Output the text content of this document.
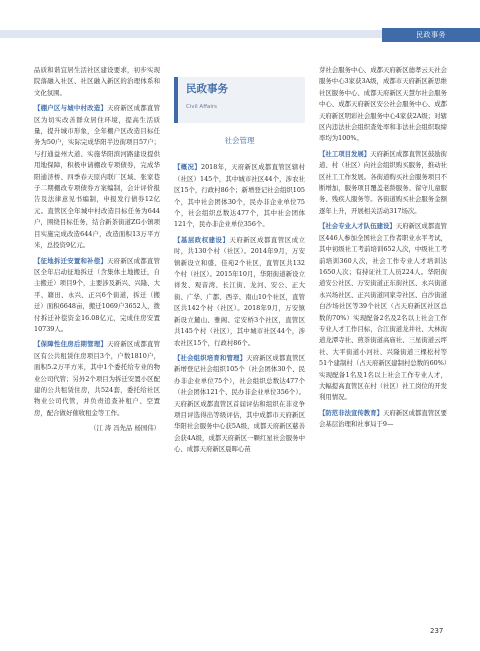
民政事务

品质和谐宜居生活社区建设要求，初步实现院落融入社区、社区融入新区的治理体系和文化氛围。

【棚户区与城中村改造】天府新区成都直管区为切实改善群众居住环境，提高生活质量，提升城市形象，全年棚户区改造目标任务为50户，实际完成华阳半边街项目57户；与打通益州大道、实施华阳滨河路建设提供用地保障，积极申请棚改专项债券，完成华阳通济桥、四季春天原内联厂区域、张家巷子二期棚改专项债券方案编制，会计评价报告及法律意见书编制，申报发行债券12亿元。直管区全年城中村改造目标任务为644户，围绕目标任务，结合新茶街道ZG小镇项目实施完成改造644户，改造面积13万平方米，总投资9亿元。

【征地拆迁安置和补偿】天府新区成都直管区全年启动征地拆迁（含集体土地搬迁，自主搬迁）项目9个，主要涉及新兴、兴隆、大平、籍田、永兴、正兴6个街道，拆迁（搬迁）面积6648亩，搬迁1069户3652人，拨付拆迁补偿资金16.08亿元，完成住房安置10739人。

【保障性住房后期管理】天府新区成都直管区有公共租赁住房项目3个，户数1810户，面积5.2万平方米，其中1个委托给专业的物业公司代管；另外2个项目为拆迁安置小区配建的公共租赁住房，共524套，委托给社区物业公司代管，并负责追查补租户、空置房，配合做好催收租金等工作。

（江 涛 冯先品 杨国伟）

民政事务
Civil Affairs
社会管理

【概况】2018年，天府新区成都直管区辖村（社区）145个，其中城市社区44个，涉农社区15个，行政村86个；新增登记社会组织105个，其中社会团体30个，民办非企业单位75个，社会组织总数达477个，其中社会团体121个，民办非企业单位356个。

【基层政权建设】天府新区成都直管区成立时，共130个村（社区）。2014年9月，万安镇新设立和盛、佳苑2个社区，直管区共132个村（社区）。2015年10月，华阳街道新设立祥发、观音湾、长江街、龙河、安公、正大街、广华、广都、西辛、南山10个社区，直管区共142个村（社区）。2018年9月，万安镇新设立麓山、雅阁、定安桥3个社区，直管区共145个村（社区），其中城市社区44个，涉农社区15个，行政村86个。

【社会组织培育和管理】天府新区成都直管区新增登记社会组织105个（社会团体30个、民办非企业单位75个），社会组织总数达477个（社会团体121个、民办非企业单位356个）。天府新区成都直管区首届评估和组织在非竞争项目评选得出等级评估，其中成都市天府新区华阳社会服务中心获5A级，成都天府新区慈善会获4A级，成都天府新区一颗红星社会服务中心、成都天府新区晨晖心苗

芽社会服务中心、成都天府新区德孝云天社会服务中心3家获3A级，成都市天府新区新思维社区服务中心、成都天府新区天慧尔社会服务中心、成都天府新区安公社会服务中心、成都天府新区明彩社会服务中心4家获2A级；对辖区内违法社会组织查处率和非法社会组织取缔率均为100%。

【社工项目发展】天府新区成都直管区鼓励街道、村（社区）向社会组织购买服务，推动社区社工工作发展。各街道购买社会服务项目不断增加，服务项目覆盖老龄服务、留守儿童服务、残疾人服务等。各街道购买社会服务金额逐年上升，开展相关活动317场次。

【社会专业人才队伍建设】天府新区成都直管区446人参加全国社会工作者职业水平考试，其中初级社工考前培训652人次，中级社工考前培训360人次，社会工作专业人才培训达1650人次；有持证社工人员224人。华阳街道安公社区、万安街道正东街社区、永兴街道永兴场社区、正兴街道同家寺社区、白沙街道白沙场社区等39个社区（占天府新区社区总数的70%）实现配备2名及2名以上社会工作专业人才工作目标，合江街道龙井社、大林街道龙潭寺社、煎茶街道高庙社、三星街道云坪社、大平街道小河社、兴隆街道三棵松村等51个建制村（占天府新区建制村总数的60%）实现配备1名及1名以上社会工作专业人才，大幅提高直管区在村（社区）社工岗位的开发利用情况。

【防范非法宣传教育】天府新区成都直管区要会基层治理和社事局于9—

237
